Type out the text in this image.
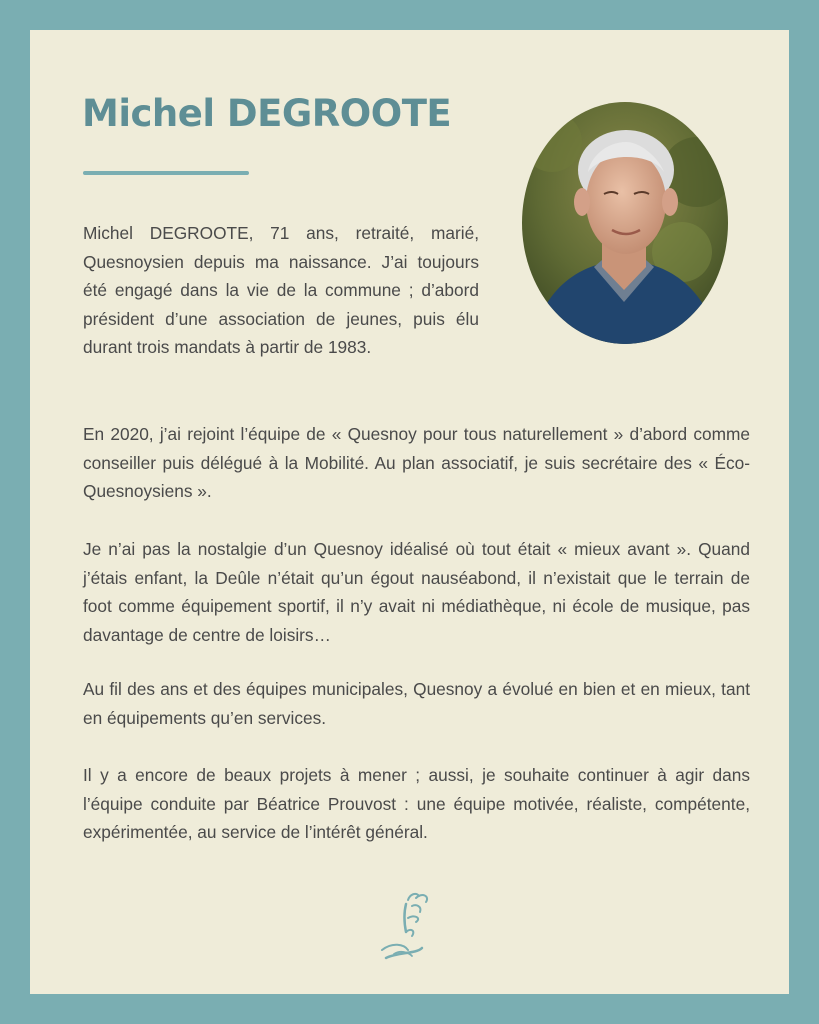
Michel DEGROOTE

Michel DEGROOTE, 71 ans, retraité, marié, Quesnoysien depuis ma naissance. J’ai toujours été engagé dans la vie de la commune ; d’abord président d’une association de jeunes, puis élu durant trois mandats à partir de 1983.

En 2020, j’ai rejoint l’équipe de « Quesnoy pour tous naturellement » d’abord comme conseiller puis délégué à la Mobilité. Au plan associatif, je suis secrétaire des « Éco-Quesnoysiens ».

Je n’ai pas la nostalgie d’un Quesnoy idéalisé où tout était « mieux avant ». Quand j’étais enfant, la Deûle n’était qu’un égout nauséabond, il n’existait que le terrain de foot comme équipement sportif, il n’y avait ni médiathèque, ni école de musique, pas davantage de centre de loisirs…

Au fil des ans et des équipes municipales, Quesnoy a évolué en bien et en mieux, tant en équipements qu’en services.

Il y a encore de beaux projets à mener ; aussi, je souhaite continuer à agir dans l’équipe conduite par Béatrice Prouvost : une équipe motivée, réaliste, compétente, expérimentée, au service de l’intérêt général.
